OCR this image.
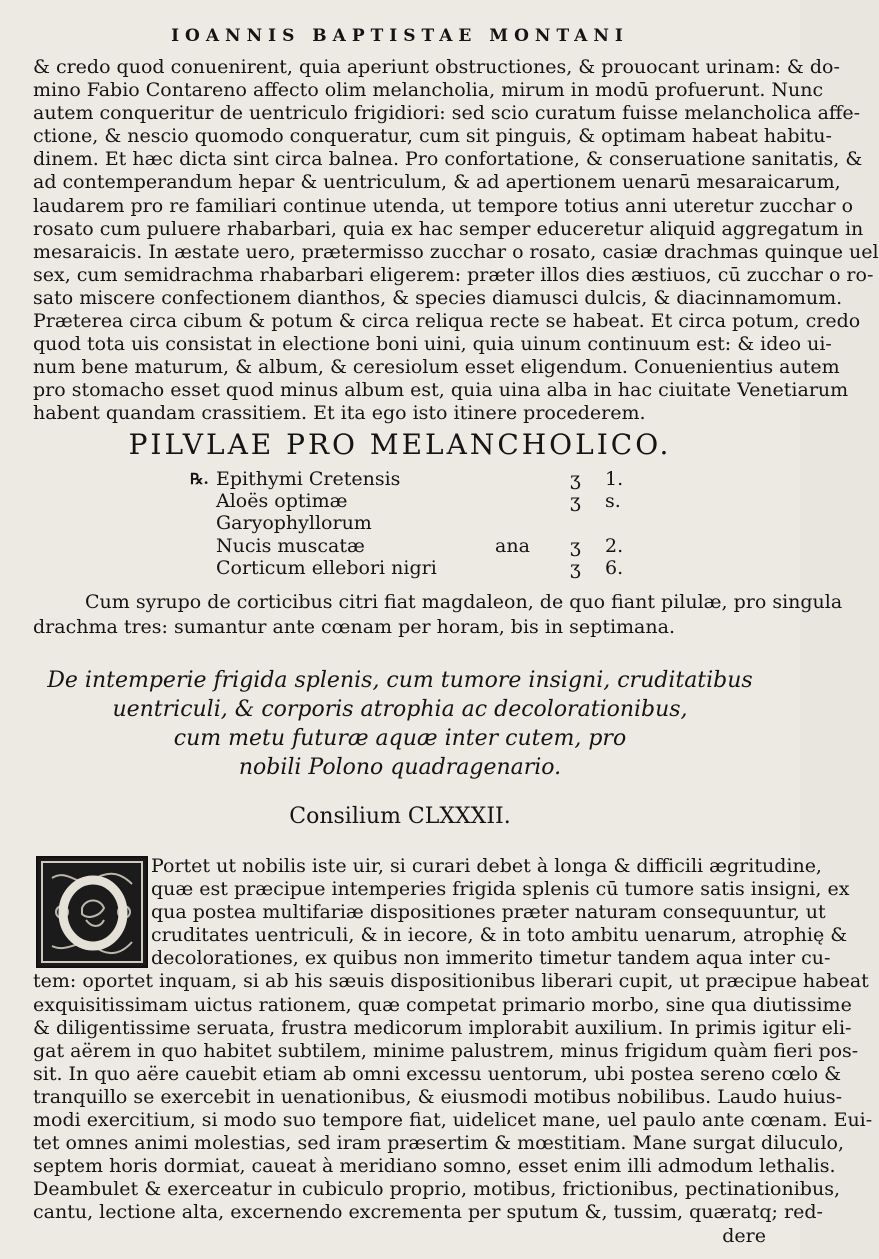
IOANNIS BAPTISTAE MONTANI
& credo quod conuenirent, quia aperiunt obstructiones, & prouocant urinam: & do-
mino Fabio Contareno affecto olim melancholia, mirum in modū profuerunt. Nunc
autem conqueritur de uentriculo frigidiori: sed scio curatum fuisse melancholica affe-
ctione, & nescio quomodo conqueratur, cum sit pinguis, & optimam habeat habitu-
dinem. Et hæc dicta sint circa balnea. Pro confortatione, & conseruatione sanitatis, &
ad contemperandum hepar & uentriculum, & ad apertionem uenarū mesaraicarum,
laudarem pro re familiari continue utenda, ut tempore totius anni uteretur zucchar o
rosato cum puluere rhabarbari, quia ex hac semper educeretur aliquid aggregatum in
mesaraicis. In æstate uero, prætermisso zucchar o rosato, casiæ drachmas quinque uel
sex, cum semidrachma rhabarbari eligerem: præter illos dies æstiuos, cū zucchar o ro-
sato miscere confectionem dianthos, & species diamusci dulcis, & diacinnamomum.
Præterea circa cibum & potum & circa reliqua recte se habeat. Et circa potum, credo
quod tota uis consistat in electione boni uini, quia uinum continuum est: & ideo ui-
num bene maturum, & album, & ceresiolum esset eligendum. Conuenientius autem
pro stomacho esset quod minus album est, quia uina alba in hac ciuitate Venetiarum
habent quandam crassitiem. Et ita ego isto itinere procederem.
PILVLAE PRO MELANCHOLICO.
℞. Epithymi Cretensis	ʒ 1.
Aloës optimæ	ʒ s.
Garyophyllorum
Nucis muscatæ	ana ʒ 2.
Corticum ellebori nigri	ʒ 6.
Cum syrupo de corticibus citri fiat magdaleon, de quo fiant pilulæ, pro singula
drachma tres: sumantur ante cœnam per horam, bis in septimana.
De intemperie frigida splenis, cum tumore insigni, cruditatibus
uentriculi, & corporis atrophia ac decolorationibus,
cum metu futuræ aquæ inter cutem, pro
nobili Polono quadragenario.
Consilium CLXXXII.
Portet ut nobilis iste uir, si curari debet à longa & difficili ægritudine,
quæ est præcipue intemperies frigida splenis cū tumore satis insigni, ex
qua postea multifariæ dispositiones præter naturam consequuntur, ut
cruditates uentriculi, & in iecore, & in toto ambitu uenarum, atrophię &
decolorationes, ex quibus non immerito timetur tandem aqua inter cu-
tem: oportet inquam, si ab his sæuis dispositionibus liberari cupit, ut præcipue habeat
exquisitissimam uictus rationem, quæ competat primario morbo, sine qua diutissime
& diligentissime seruata, frustra medicorum implorabit auxilium. In primis igitur eli-
gat aërem in quo habitet subtilem, minime palustrem, minus frigidum quàm fieri pos-
sit. In quo aëre cauebit etiam ab omni excessu uentorum, ubi postea sereno cœlo &
tranquillo se exercebit in uenationibus, & eiusmodi motibus nobilibus. Laudo huius-
modi exercitium, si modo suo tempore fiat, uidelicet mane, uel paulo ante cœnam. Eui-
tet omnes animi molestias, sed iram præsertim & mœstitiam. Mane surgat diluculo,
septem horis dormiat, caueat à meridiano somno, esset enim illi admodum lethalis.
Deambulet & exerceatur in cubiculo proprio, motibus, frictionibus, pectinationibus,
cantu, lectione alta, excernendo excrementa per sputum &, tussim, quæratq; red-
dere
